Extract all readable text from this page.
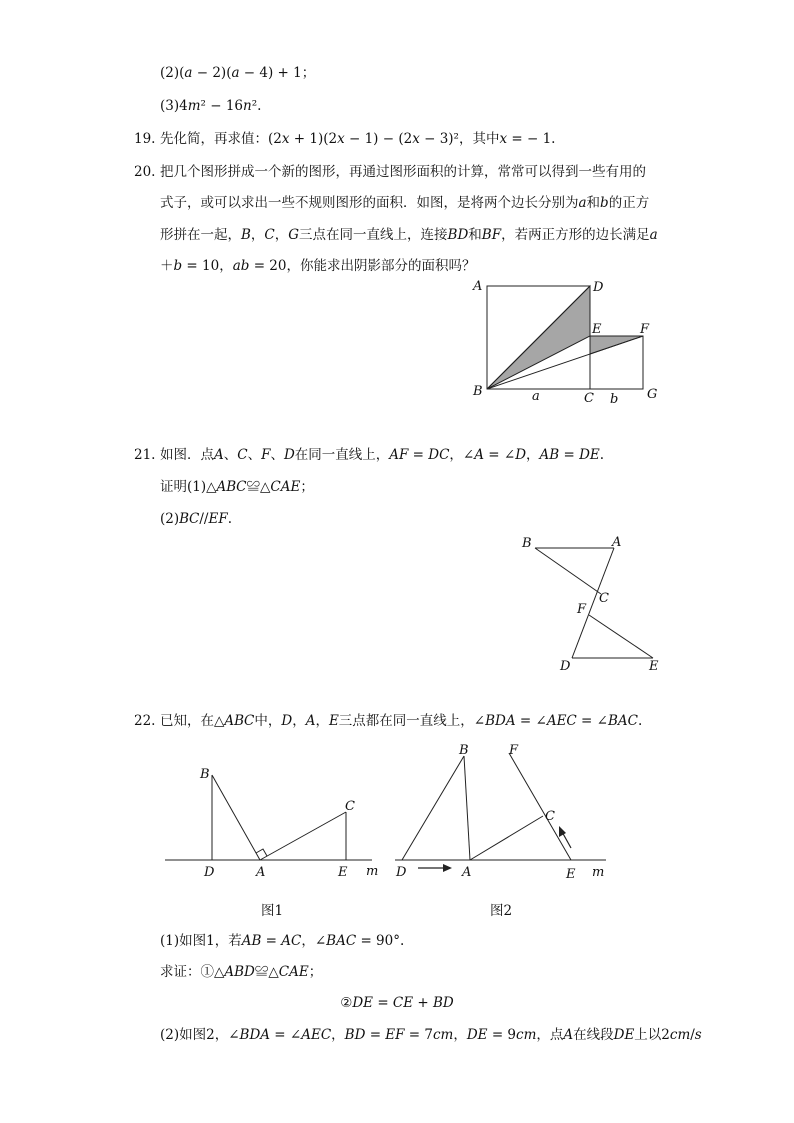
(2)(𝑎 − 2)(𝑎 − 4) + 1；
(3)4𝑚² − 16𝑛².
19. 先化简，再求值：(2𝑥 + 1)(2𝑥 − 1) − (2𝑥 − 3)²，其中𝑥 = − 1.
20. 把几个图形拼成一个新的图形，再通过图形面积的计算，常常可以得到一些有用的
式子，或可以求出一些不规则图形的面积．如图，是将两个边长分别为𝑎和𝑏的正方
形拼在一起，𝐵，𝐶，𝐺三点在同一直线上，连接𝐵𝐷和𝐵𝐹，若两正方形的边长满足𝑎
＋𝑏 = 10，𝑎𝑏 = 20，你能求出阴影部分的面积吗？
A	D
E	F
B	C	G
a	b
21. 如图．点𝐴、𝐶、𝐹、𝐷在同一直线上，𝐴𝐹 = 𝐷𝐶，∠𝐴 = ∠𝐷，𝐴𝐵 = 𝐷𝐸.
证明(1)△𝐴𝐵𝐶≌△𝐶𝐴𝐸；
(2)𝐵𝐶//𝐸𝐹.
B	A
C
F
D	E
22. 已知，在△𝐴𝐵𝐶中，𝐷，𝐴，𝐸三点都在同一直线上，∠𝐵𝐷𝐴 = ∠𝐴𝐸𝐶 = ∠𝐵𝐴𝐶.
B
C
D	A	E m
图1
B	F
C
D	A	E m
图2
(1)如图1，若𝐴𝐵 = 𝐴𝐶，∠𝐵𝐴𝐶 = 90°.
求证：①△𝐴𝐵𝐷≌△𝐶𝐴𝐸；
②𝐷𝐸 = 𝐶𝐸 + 𝐵𝐷
(2)如图2，∠𝐵𝐷𝐴 = ∠𝐴𝐸𝐶，𝐵𝐷 = 𝐸𝐹 = 7𝑐𝑚，𝐷𝐸 = 9𝑐𝑚，点𝐴在线段𝐷𝐸上以2𝑐𝑚/𝑠
